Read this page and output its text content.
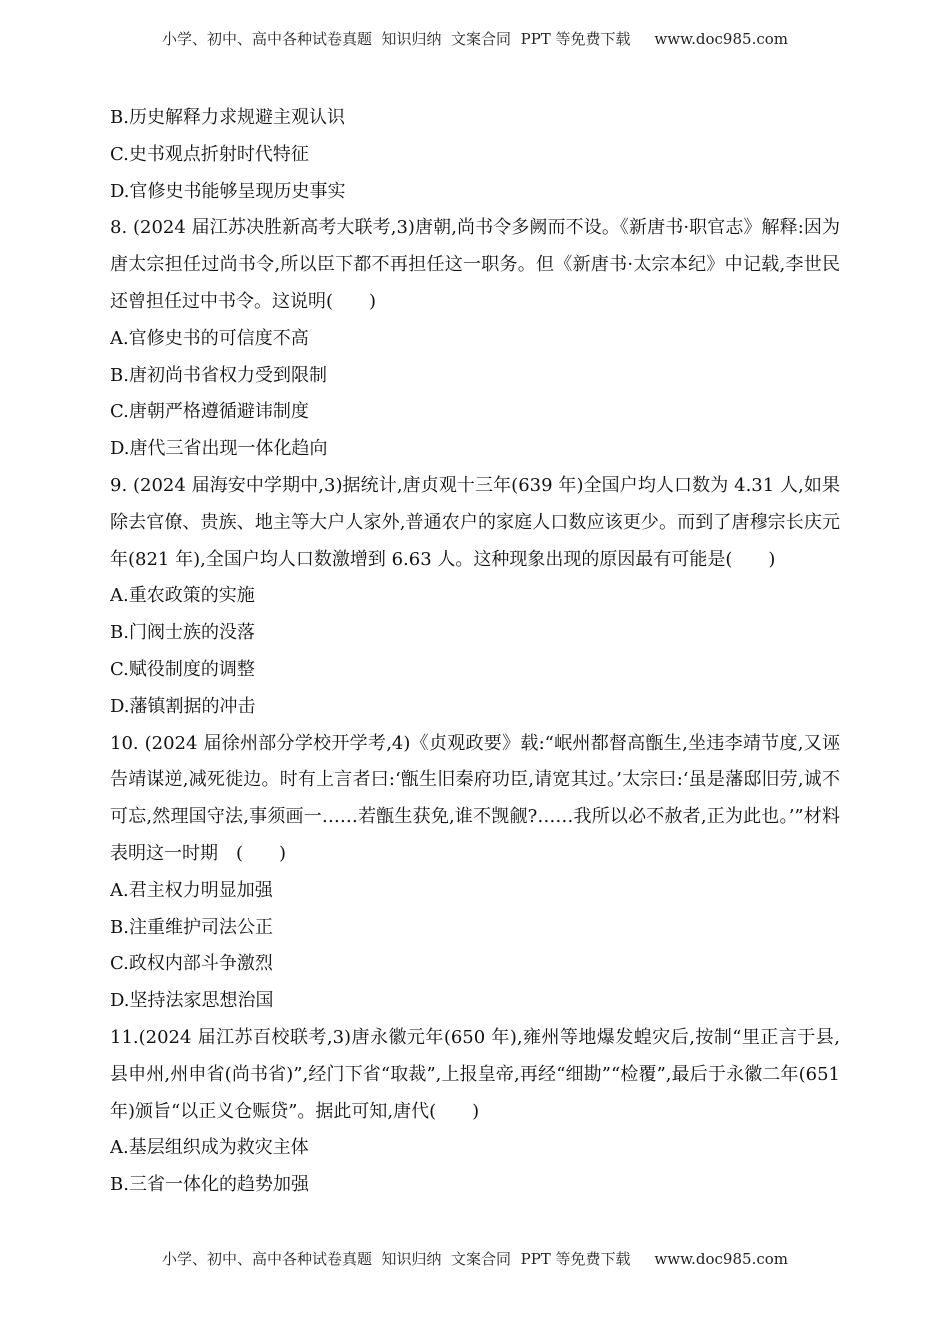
小学、初中、高中各种试卷真题  知识归纳  文案合同  PPT 等免费下载     www.doc985.com
B.历史解释力求规避主观认识
C.史书观点折射时代特征
D.官修史书能够呈现历史事实
8. (2024 届江苏决胜新高考大联考,3)唐朝,尚书令多阙而不设。《新唐书·职官志》解释:因为唐太宗担任过尚书令,所以臣下都不再担任这一职务。但《新唐书·太宗本纪》中记载,李世民还曾担任过中书令。这说明(　　)
A.官修史书的可信度不高
B.唐初尚书省权力受到限制
C.唐朝严格遵循避讳制度
D.唐代三省出现一体化趋向
9. (2024 届海安中学期中,3)据统计,唐贞观十三年(639 年)全国户均人口数为 4.31 人,如果除去官僚、贵族、地主等大户人家外,普通农户的家庭人口数应该更少。而到了唐穆宗长庆元年(821 年),全国户均人口数激增到 6.63 人。这种现象出现的原因最有可能是(　　)
A.重农政策的实施
B.门阀士族的没落
C.赋役制度的调整
D.藩镇割据的冲击
10. (2024 届徐州部分学校开学考,4)《贞观政要》载:“岷州都督高甑生,坐违李靖节度,又诬告靖谋逆,减死徙边。时有上言者曰:‘甑生旧秦府功臣,请宽其过。’太宗曰:‘虽是藩邸旧劳,诚不可忘,然理国守法,事须画一……若甑生获免,谁不觊觎?……我所以必不赦者,正为此也。’”材料表明这一时期　(　　)
A.君主权力明显加强
B.注重维护司法公正
C.政权内部斗争激烈
D.坚持法家思想治国
11.(2024 届江苏百校联考,3)唐永徽元年(650 年),雍州等地爆发蝗灾后,按制“里正言于县,县申州,州申省(尚书省)”,经门下省“取裁”,上报皇帝,再经“细勘”“检覆”,最后于永徽二年(651 年)颁旨“以正义仓赈贷”。据此可知,唐代(　　)
A.基层组织成为救灾主体
B.三省一体化的趋势加强
小学、初中、高中各种试卷真题  知识归纳  文案合同  PPT 等免费下载     www.doc985.com
